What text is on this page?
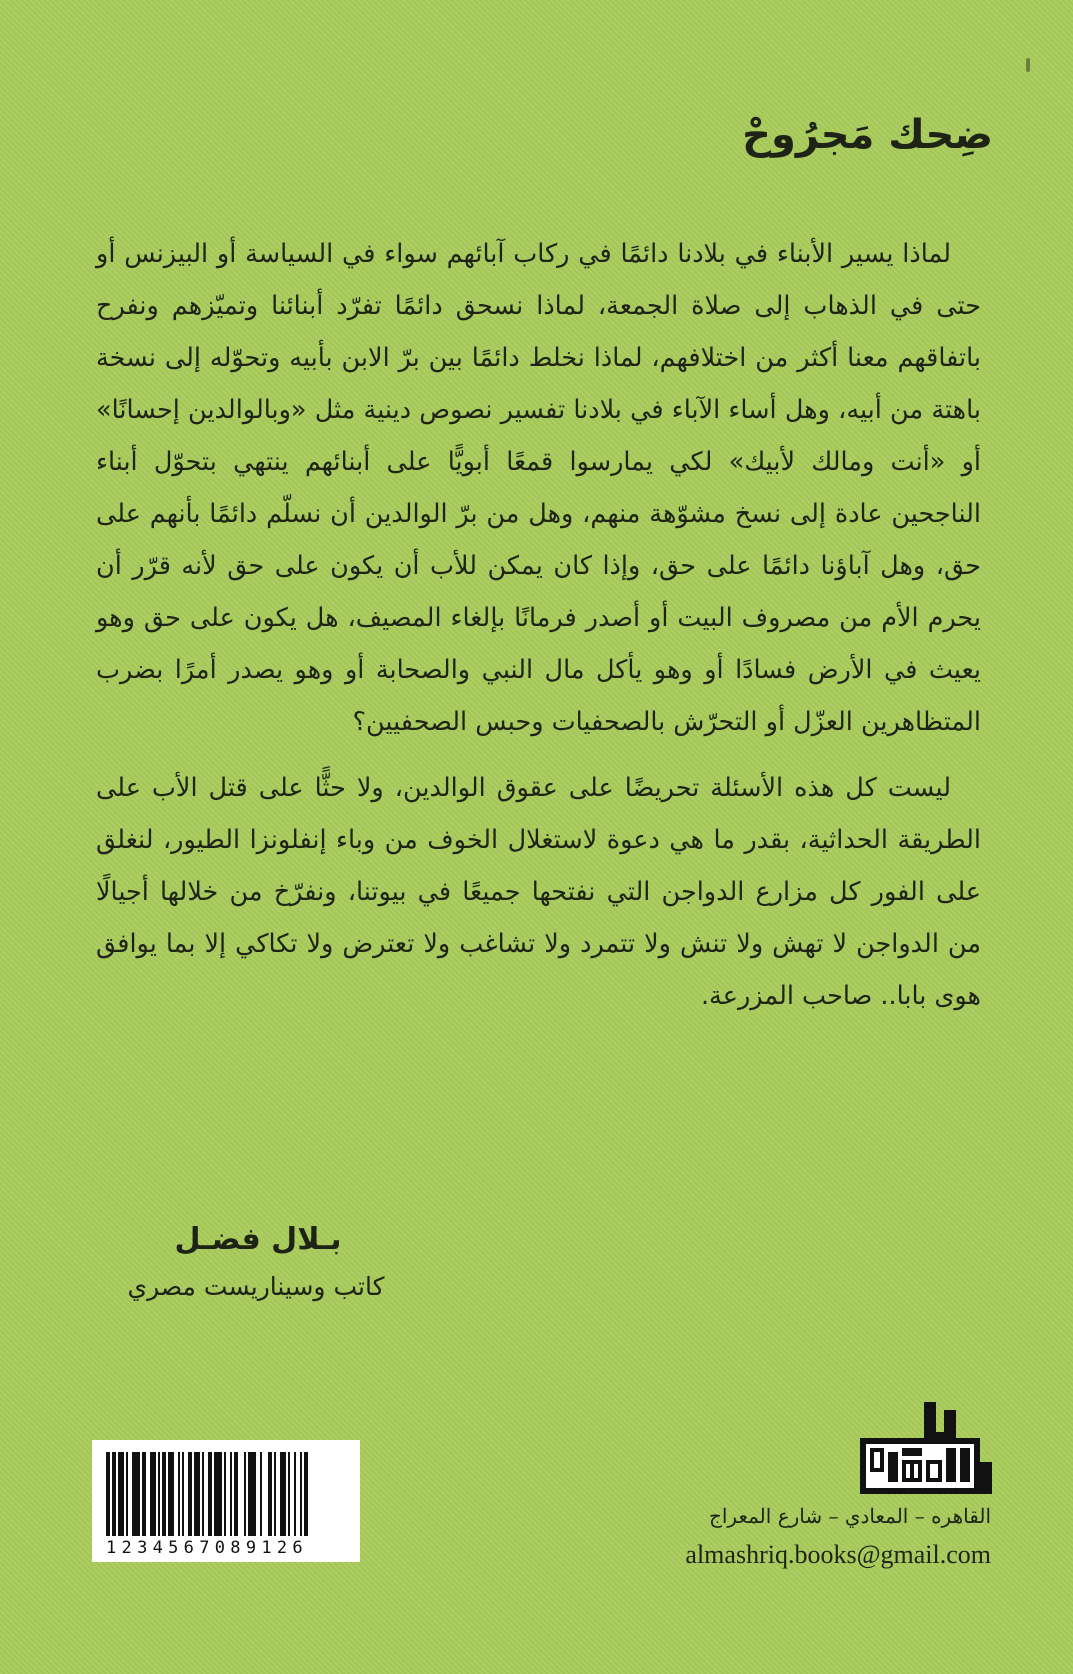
ضِحك مَجرُوحْ

لماذا يسير الأبناء في بلادنا دائمًا في ركاب آبائهم سواء في السياسة أو البيزنس أو حتى في الذهاب إلى صلاة الجمعة، لماذا نسحق دائمًا تفرّد أبنائنا وتميّزهم ونفرح باتفاقهم معنا أكثر من اختلافهم، لماذا نخلط دائمًا بين برّ الابن بأبيه وتحوّله إلى نسخة باهتة من أبيه، وهل أساء الآباء في بلادنا تفسير نصوص دينية مثل «وبالوالدين إحسانًا» أو «أنت ومالك لأبيك» لكي يمارسوا قمعًا أبويًّا على أبنائهم ينتهي بتحوّل أبناء الناجحين عادة إلى نسخ مشوّهة منهم، وهل من برّ الوالدين أن نسلّم دائمًا بأنهم على حق، وهل آباؤنا دائمًا على حق، وإذا كان يمكن للأب أن يكون على حق لأنه قرّر أن يحرم الأم من مصروف البيت أو أصدر فرمانًا بإلغاء المصيف، هل يكون على حق وهو يعيث في الأرض فسادًا أو وهو يأكل مال النبي والصحابة أو وهو يصدر أمرًا بضرب المتظاهرين العزّل أو التحرّش بالصحفيات وحبس الصحفيين؟

ليست كل هذه الأسئلة تحريضًا على عقوق الوالدين، ولا حثًّا على قتل الأب على الطريقة الحداثية، بقدر ما هي دعوة لاستغلال الخوف من وباء إنفلونزا الطيور، لنغلق على الفور كل مزارع الدواجن التي نفتحها جميعًا في بيوتنا، ونفرّخ من خلالها أجيالًا من الدواجن لا تهش ولا تنش ولا تتمرد ولا تشاغب ولا تعترض ولا تكاكي إلا بما يوافق هوى بابا.. صاحب المزرعة.

بـلال فضـل
كاتب وسيناريست مصري
1234567089126
القاهره – المعادي – شارع المعراج
almashriq.books@gmail.com
